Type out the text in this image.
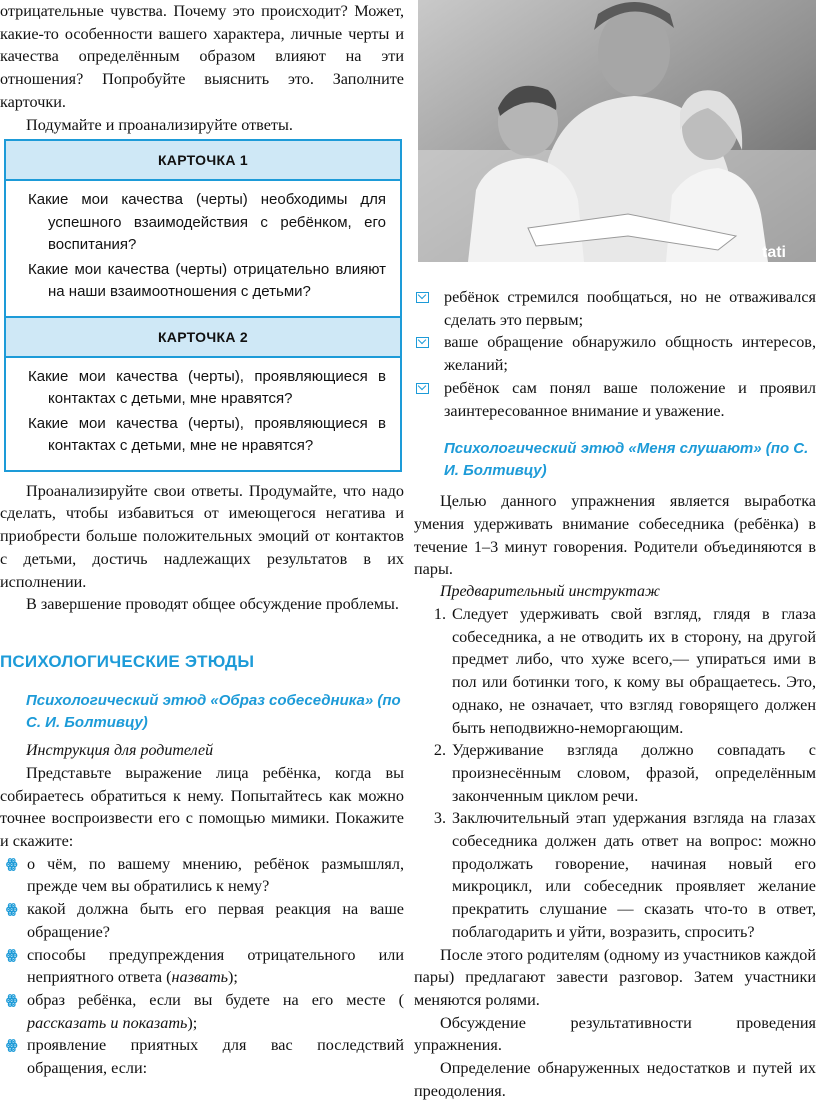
отрицательные чувства. Почему это происходит? Может, какие-то особенности вашего характера, личные черты и качества определённым образом влияют на эти отношения? Попробуйте выяснить это. Заполните карточки.

Подумайте и проанализируйте ответы.

КАРТОЧКА 1

Какие мои качества (черты) необходимы для успешного взаимодействия с ребёнком, его воспитания?

Какие мои качества (черты) отрицательно влияют на наши взаимоотношения с детьми?

КАРТОЧКА 2

Какие мои качества (черты), проявляющиеся в контактах с детьми, мне нравятся?

Какие мои качества (черты), проявляющиеся в контактах с детьми, мне не нравятся?

Проанализируйте свои ответы. Продумайте, что надо сделать, чтобы избавиться от имеющегося негатива и приобрести больше положительных эмоций от контактов с детьми, достичь надлежащих результатов в их исполнении.

В завершение проводят общее обсуждение проблемы.

ПСИХОЛОГИЧЕСКИЕ ЭТЮДЫ

Психологический этюд «Образ собеседника» (по С. И. Болтивцу)

Инструкция для родителей

Представьте выражение лица ребёнка, когда вы собираетесь обратиться к нему. Попытайтесь как можно точнее воспроизвести его с помощью мимики. Покажите и скажите:

ꙮ о чём, по вашему мнению, ребёнок размышлял, прежде чем вы обратились к нему?
ꙮ какой должна быть его первая реакция на ваше обращение?
ꙮ способы предупреждения отрицательного или неприятного ответа (назвать);
ꙮ образ ребёнка, если вы будете на его месте ( рассказать и показать);
ꙮ проявление приятных для вас последствий обращения, если:
tati
ребёнок стремился пообщаться, но не отваживался сделать это первым;
ваше обращение обнаружило общность интересов, желаний;
ребёнок сам понял ваше положение и проявил заинтересованное внимание и уважение.

Психологический этюд «Меня слушают» (по С. И. Болтивцу)

Целью данного упражнения является выработка умения удерживать внимание собеседника (ребёнка) в течение 1–3 минут говорения. Родители объединяются в пары.

Предварительный инструктаж

1. Следует удерживать свой взгляд, глядя в глаза собеседника, а не отводить их в сторону, на другой предмет либо, что хуже всего,— упираться ими в пол или ботинки того, к кому вы обращаетесь. Это, однако, не означает, что взгляд говорящего должен быть неподвижно-неморгающим.
2. Удерживание взгляда должно совпадать с произнесённым словом, фразой, определённым законченным циклом речи.
3. Заключительный этап удержания взгляда на глазах собеседника должен дать ответ на вопрос: можно продолжать говорение, начиная новый его микроцикл, или собеседник проявляет желание прекратить слушание — сказать что-то в ответ, поблагодарить и уйти, возразить, спросить?

После этого родителям (одному из участников каждой пары) предлагают завести разговор. Затем участники меняются ролями.

Обсуждение результативности проведения упражнения.

Определение обнаруженных недостатков и путей их преодоления.
